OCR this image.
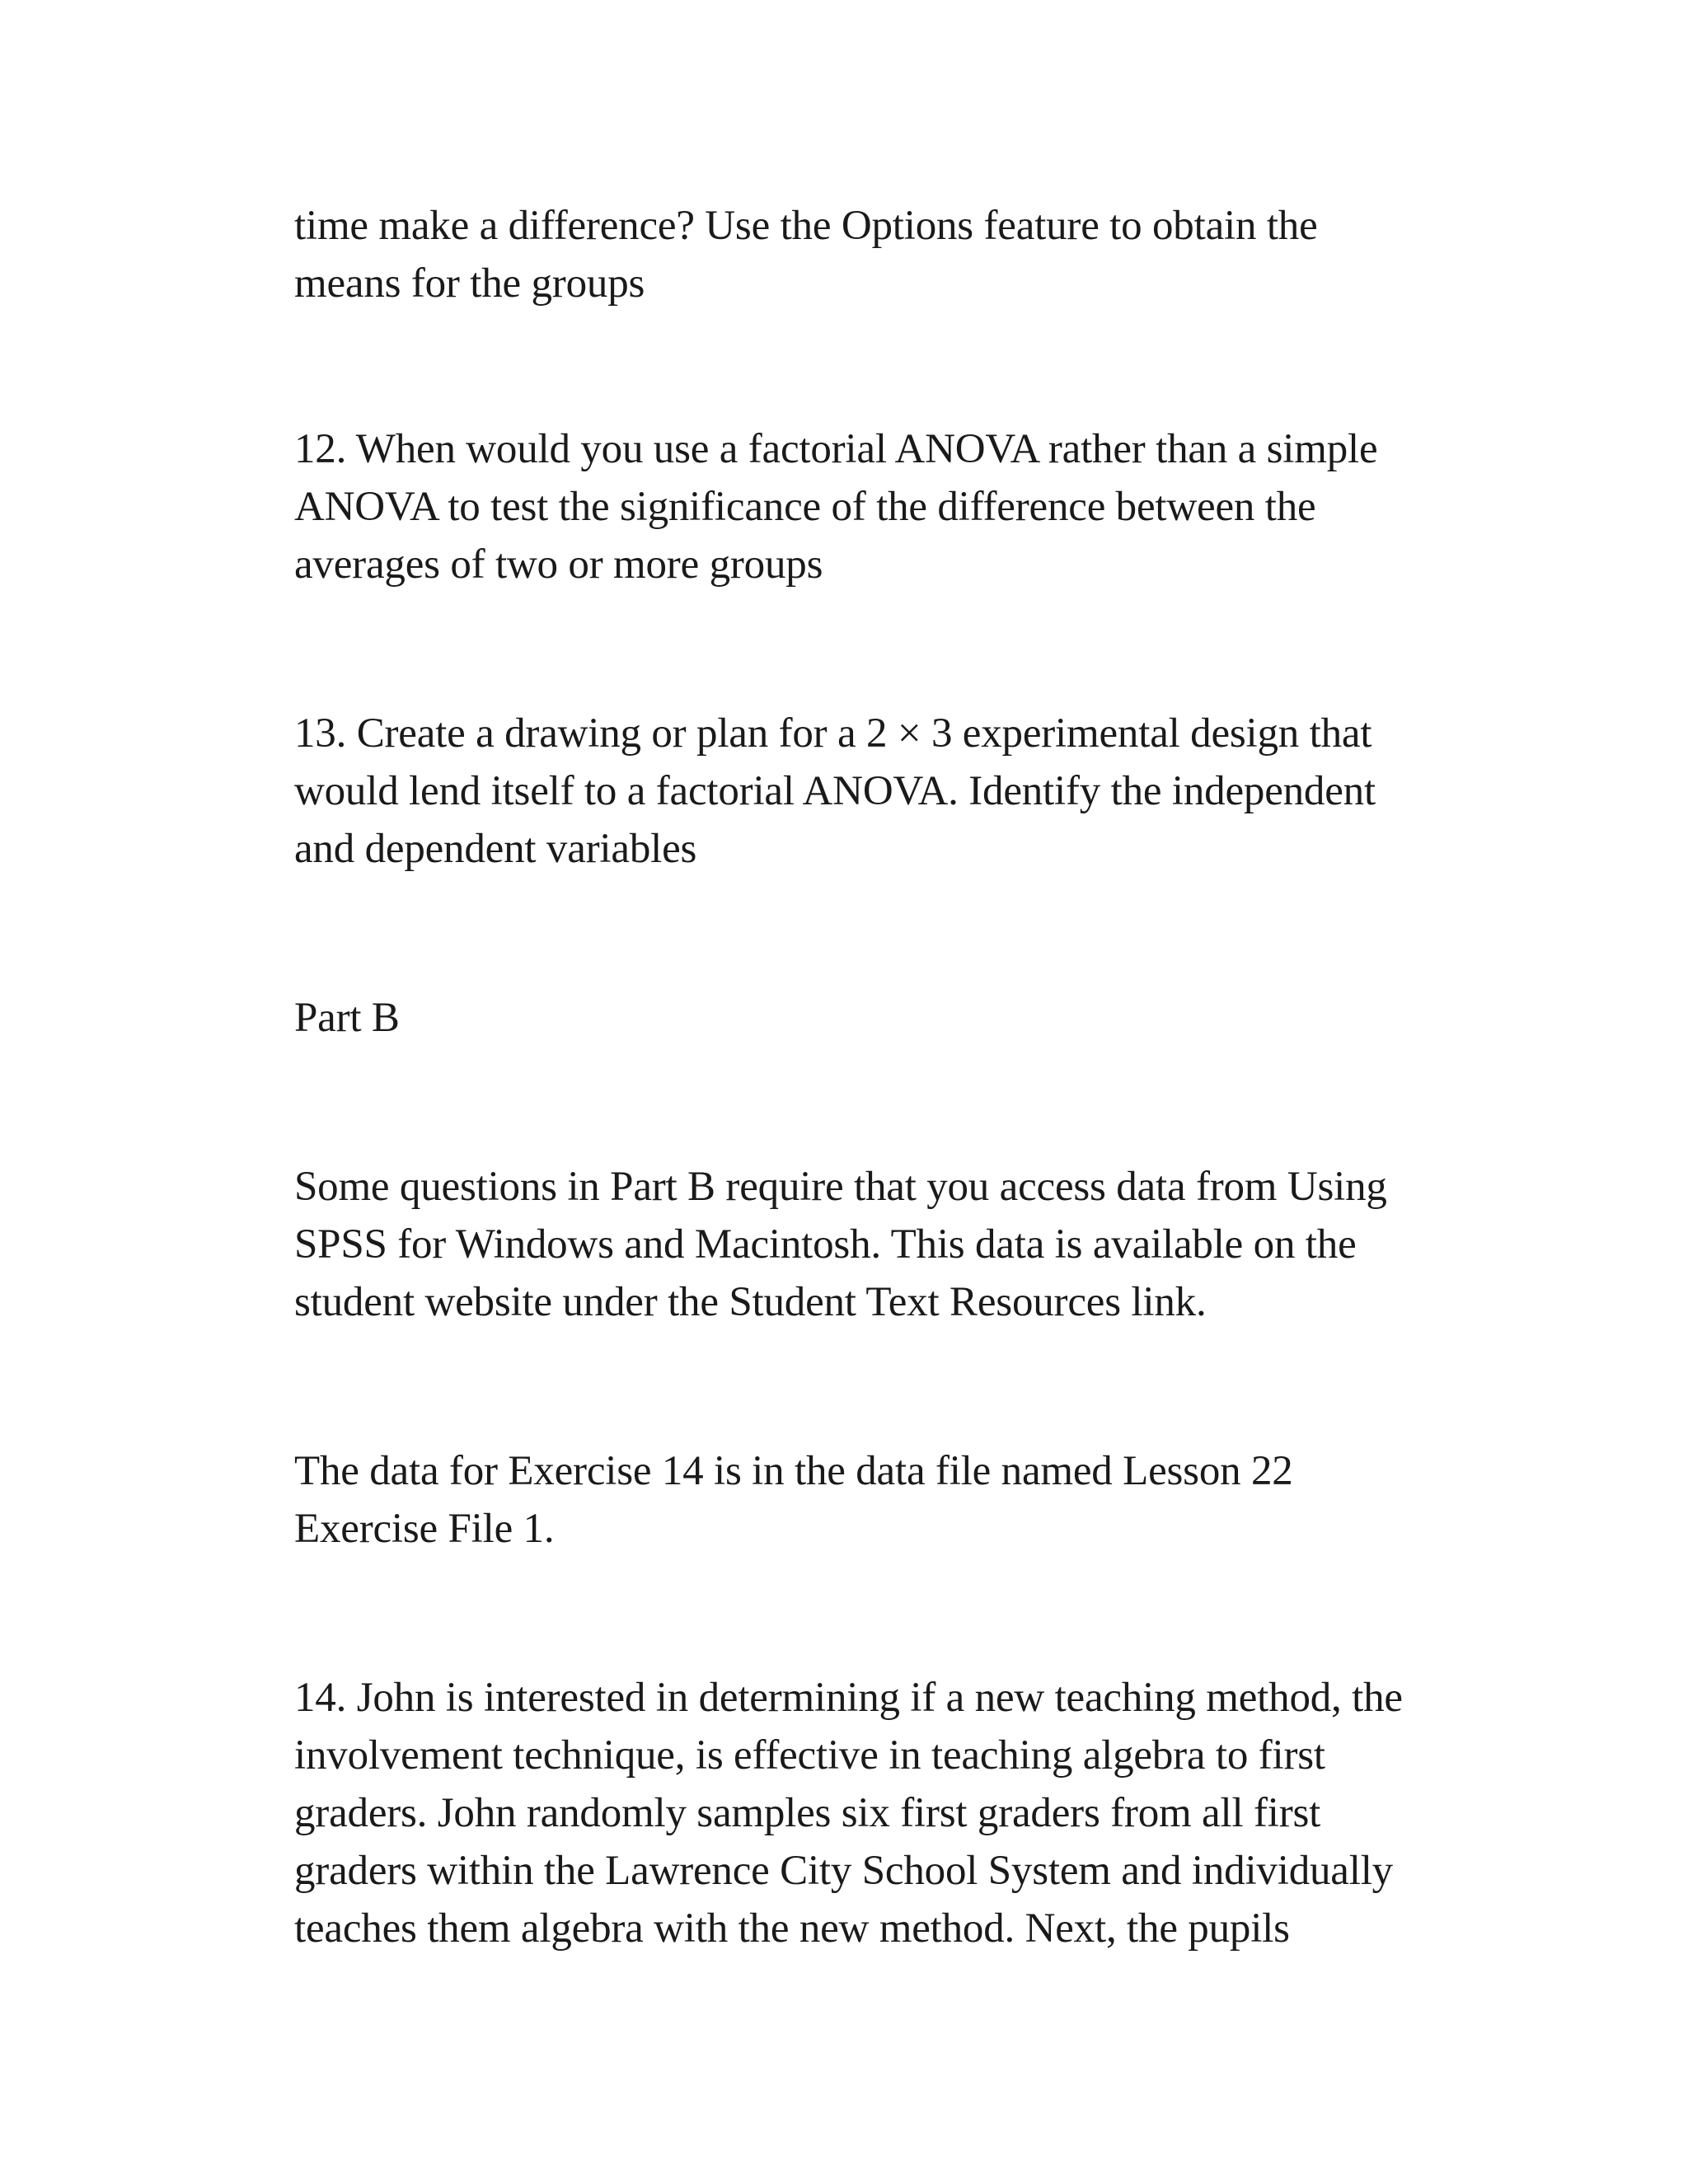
time make a difference? Use the Options feature to obtain the
means for the groups

12. When would you use a factorial ANOVA rather than a simple
ANOVA to test the significance of the difference between the
averages of two or more groups

13. Create a drawing or plan for a 2 × 3 experimental design that
would lend itself to a factorial ANOVA. Identify the independent
and dependent variables

Part B

Some questions in Part B require that you access data from Using
SPSS for Windows and Macintosh. This data is available on the
student website under the Student Text Resources link.

The data for Exercise 14 is in the data file named Lesson 22
Exercise File 1.

14. John is interested in determining if a new teaching method, the
involvement technique, is effective in teaching algebra to first
graders. John randomly samples six first graders from all first
graders within the Lawrence City School System and individually
teaches them algebra with the new method. Next, the pupils
